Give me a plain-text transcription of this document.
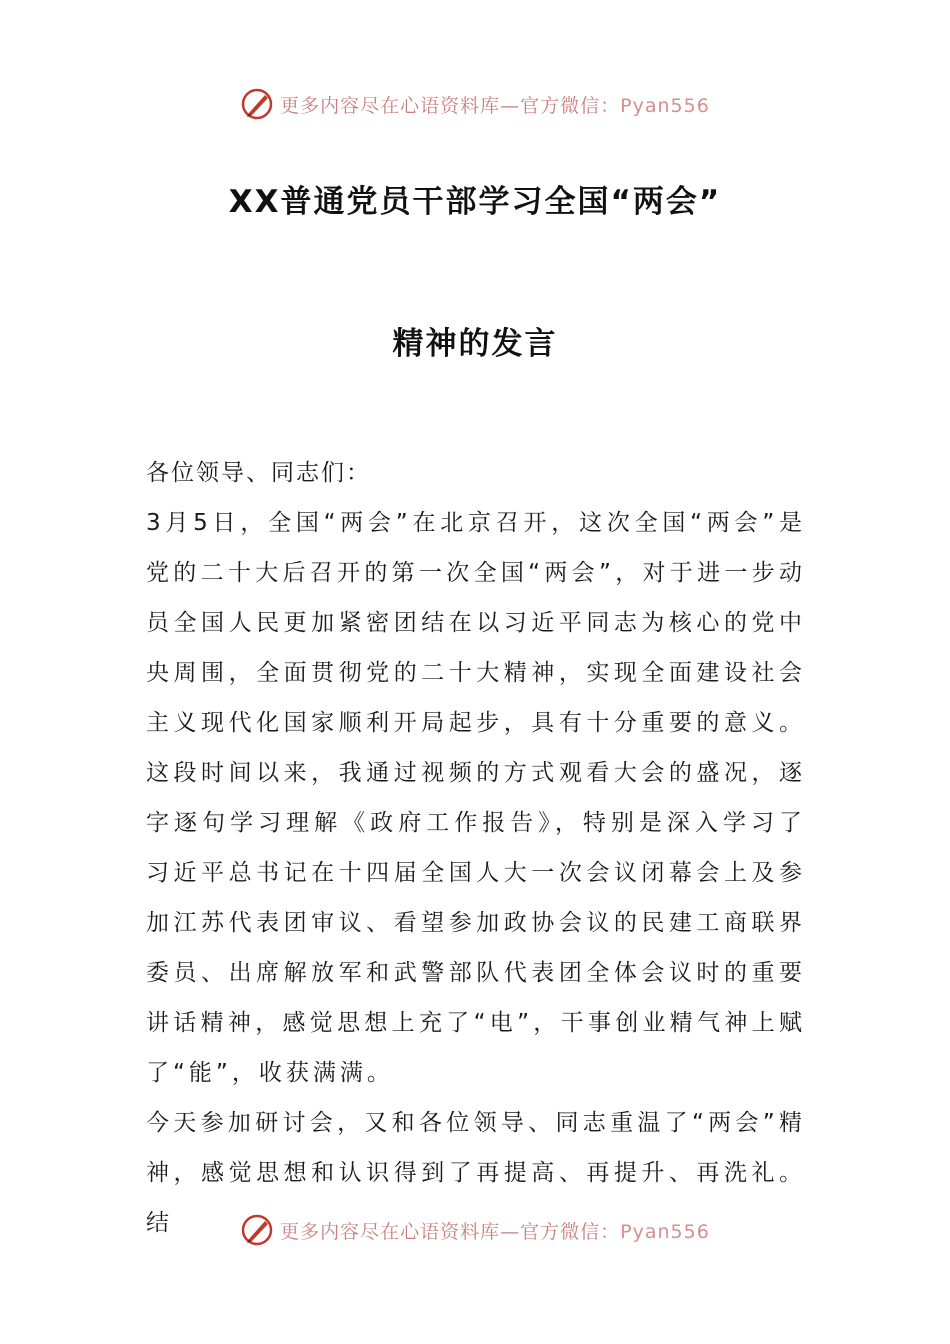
更多内容尽在心语资料库—官方微信：Pyan556
XX普通党员干部学习全国“两会”
精神的发言

各位领导、同志们：

3月5日，全国“两会”在北京召开，这次全国“两会”是党的二十大后召开的第一次全国“两会”，对于进一步动员全国人民更加紧密团结在以习近平同志为核心的党中央周围，全面贯彻党的二十大精神，实现全面建设社会主义现代化国家顺利开局起步，具有十分重要的意义。这段时间以来，我通过视频的方式观看大会的盛况，逐字逐句学习理解《政府工作报告》，特别是深入学习了习近平总书记在十四届全国人大一次会议闭幕会上及参加江苏代表团审议、看望参加政协会议的民建工商联界委员、出席解放军和武警部队代表团全体会议时的重要讲话精神，感觉思想上充了“电”，干事创业精气神上赋了“能”，收获满满。

今天参加研讨会，又和各位领导、同志重温了“两会”精神，感觉思想和认识得到了再提高、再提升、再洗礼。结	更多内容尽在心语资料库—官方微信：Pyan556
